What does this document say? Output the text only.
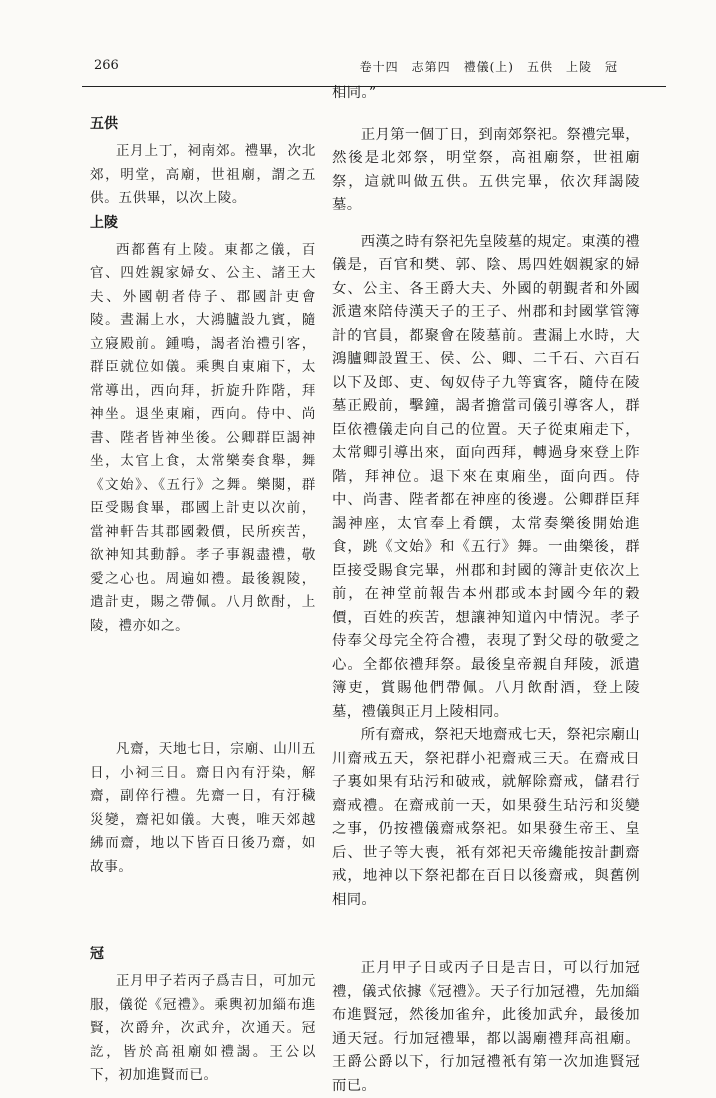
266	卷十四　志第四　禮儀(上)　五供　上陵　冠
五供

正月上丁，祠南郊。禮畢，次北郊，明堂，高廟，世祖廟，謂之五供。五供畢，以次上陵。

上陵

西都舊有上陵。東都之儀，百官、四姓親家婦女、公主、諸王大夫、外國朝者侍子、郡國計吏會陵。晝漏上水，大鴻臚設九賓，隨立寢殿前。鍾鳴，謁者治禮引客，群臣就位如儀。乘輿自東廂下，太常導出，西向拜，折旋升阼階，拜神坐。退坐東廂，西向。侍中、尚書、陛者皆神坐後。公卿群臣謁神坐，太官上食，太常樂奏食舉，舞《文始》、《五行》之舞。樂闋，群臣受賜食畢，郡國上計吏以次前，當神軒告其郡國穀價，民所疾苦，欲神知其動靜。孝子事親盡禮，敬愛之心也。周遍如禮。最後親陵，遣計吏，賜之帶佩。八月飲酎，上陵，禮亦如之。

凡齋，天地七日，宗廟、山川五日，小祠三日。齋日內有汙染，解齋，副倅行禮。先齋一日，有汙穢災變，齋祀如儀。大喪，唯天郊越紼而齋，地以下皆百日後乃齋，如故事。

冠

正月甲子若丙子爲吉日，可加元服，儀從《冠禮》。乘輿初加緇布進賢，次爵弁，次武弁，次通天。冠訖，皆於高祖廟如禮謁。王公以下，初加進賢而已。

相同。”

正月第一個丁日，到南郊祭祀。祭禮完畢，然後是北郊祭，明堂祭，高祖廟祭，世祖廟祭，這就叫做五供。五供完畢，依次拜謁陵墓。

西漢之時有祭祀先皇陵墓的規定。東漢的禮儀是，百官和樊、郭、陰、馬四姓姻親家的婦女、公主、各王爵大夫、外國的朝覲者和外國派遣來陪侍漢天子的王子、州郡和封國掌管簿計的官員，都聚會在陵墓前。晝漏上水時，大鴻臚卿設置王、侯、公、卿、二千石、六百石以下及郎、吏、匈奴侍子九等賓客，隨侍在陵墓正殿前，擊鐘，謁者擔當司儀引導客人，群臣依禮儀走向自己的位置。天子從東廂走下，太常卿引導出來，面向西拜，轉過身來登上阼階，拜神位。退下來在東廂坐，面向西。侍中、尚書、陛者都在神座的後邊。公卿群臣拜謁神座，太官奉上肴饌，太常奏樂後開始進食，跳《文始》和《五行》舞。一曲樂後，群臣接受賜食完畢，州郡和封國的簿計吏依次上前，在神堂前報告本州郡或本封國今年的穀價，百姓的疾苦，想讓神知道內中情況。孝子侍奉父母完全符合禮，表現了對父母的敬愛之心。全都依禮拜祭。最後皇帝親自拜陵，派遣簿吏，賞賜他們帶佩。八月飲酎酒，登上陵墓，禮儀與正月上陵相同。

所有齋戒，祭祀天地齋戒七天，祭祀宗廟山川齋戒五天，祭祀群小祀齋戒三天。在齋戒日子裏如果有玷污和破戒，就解除齋戒，儲君行齋戒禮。在齋戒前一天，如果發生玷污和災變之事，仍按禮儀齋戒祭祀。如果發生帝王、皇后、世子等大喪，衹有郊祀天帝纔能按計劃齋戒，地神以下祭祀都在百日以後齋戒，與舊例相同。

正月甲子日或丙子日是吉日，可以行加冠禮，儀式依據《冠禮》。天子行加冠禮，先加緇布進賢冠，然後加雀弁，此後加武弁，最後加通天冠。行加冠禮畢，都以謁廟禮拜高祖廟。王爵公爵以下，行加冠禮衹有第一次加進賢冠而已。
